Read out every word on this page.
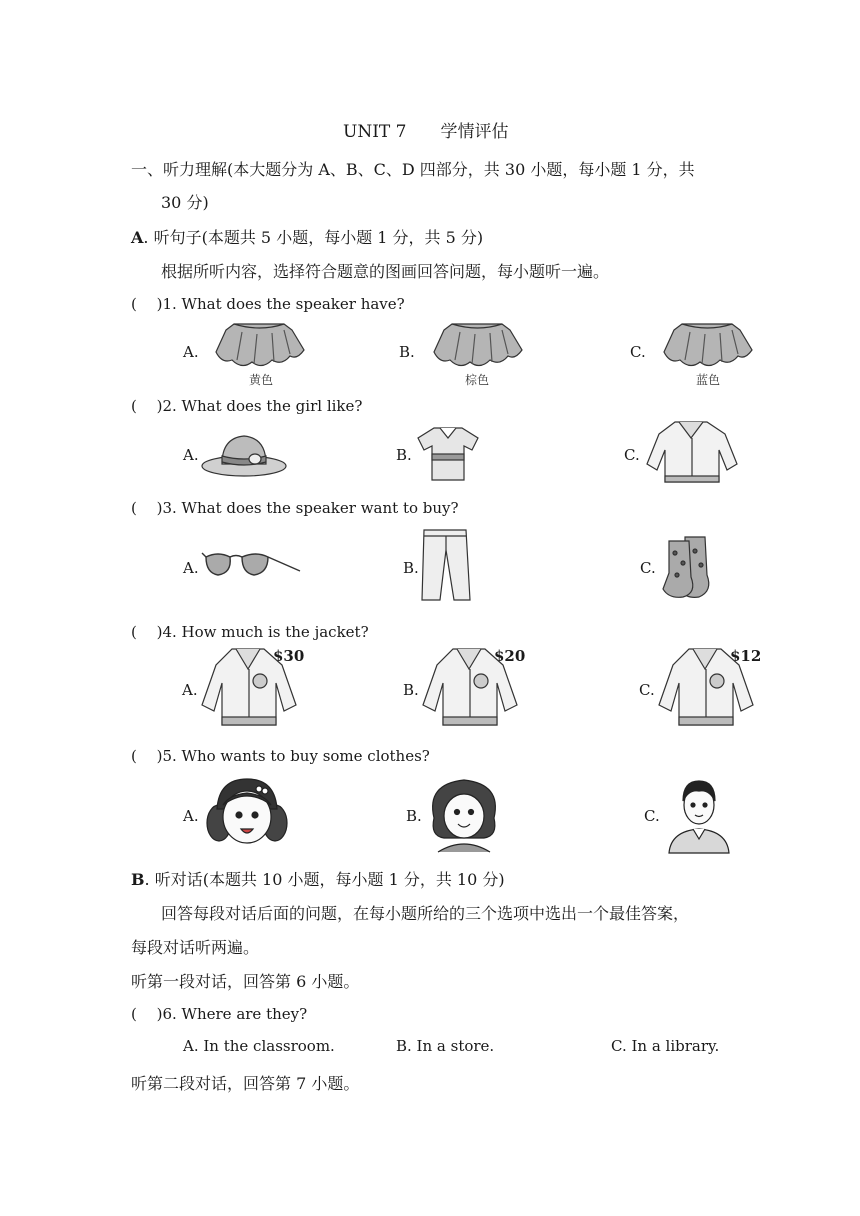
UNIT 7　　学情评估
一、听力理解(本大题分为 A、B、C、D 四部分，共 30 小题，每小题 1 分，共
30 分)
A. 听句子(本题共 5 小题，每小题 1 分，共 5 分)
根据所听内容，选择符合题意的图画回答问题，每小题听一遍。
(　 )1. What does the speaker have?
A.	B.	C.
黄色	棕色	蓝色
(　 )2. What does the girl like?
A.	B.	C.
(　 )3. What does the speaker want to buy?
A.	B.	C.
(　 )4. How much is the jacket?
A.	B.	C.
$30	$20	$12
(　 )5. Who wants to buy some clothes?
A.	B.	C.
B. 听对话(本题共 10 小题，每小题 1 分，共 10 分)
回答每段对话后面的问题，在每小题所给的三个选项中选出一个最佳答案，
每段对话听两遍。
听第一段对话，回答第 6 小题。
(　 )6. Where are they?
A. In the classroom.	B. In a store.	C. In a library.
听第二段对话，回答第 7 小题。
